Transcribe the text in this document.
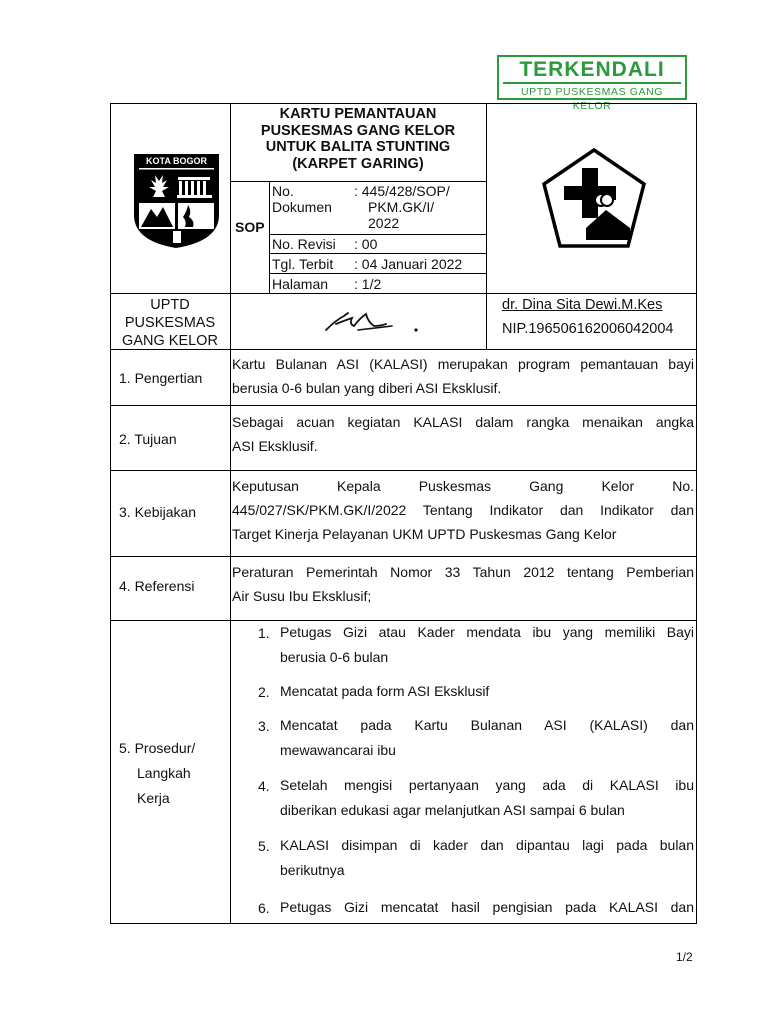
TERKENDALI
UPTD PUSKESMAS GANG KELOR
KOTA BOGOR
KARTU PEMANTAUAN
PUSKESMAS GANG KELOR
UNTUK BALITA STUNTING
(KARPET GARING)
SOP
No.
Dokumen
: 445/428/SOP/
PKM.GK/I/
2022
No. Revisi : 00
Tgl. Terbit : 04 Januari 2022
Halaman : 1/2
UPTD
PUSKESMAS
GANG KELOR
dr. Dina Sita Dewi.M.Kes
NIP.196506162006042004
1. Pengertian
Kartu Bulanan ASI (KALASI) merupakan program pemantauan bayi
berusia 0-6 bulan yang diberi ASI Eksklusif.
2. Tujuan
Sebagai acuan kegiatan KALASI dalam rangka menaikan angka
ASI Eksklusif.
3. Kebijakan
Keputusan Kepala Puskesmas Gang Kelor No.
445/027/SK/PKM.GK/I/2022 Tentang Indikator dan Indikator dan
Target Kinerja Pelayanan UKM UPTD Puskesmas Gang Kelor
4. Referensi
Peraturan Pemerintah Nomor 33 Tahun 2012 tentang Pemberian
Air Susu Ibu Eksklusif;
5. Prosedur/
Langkah
Kerja
1. Petugas Gizi atau Kader mendata ibu yang memiliki Bayi
berusia 0-6 bulan
2. Mencatat pada form ASI Eksklusif
3. Mencatat pada Kartu Bulanan ASI (KALASI) dan
mewawancarai ibu
4. Setelah mengisi pertanyaan yang ada di KALASI ibu
diberikan edukasi agar melanjutkan ASI sampai 6 bulan
5. KALASI disimpan di kader dan dipantau lagi pada bulan
berikutnya
6. Petugas Gizi mencatat hasil pengisian pada KALASI dan
1/2
